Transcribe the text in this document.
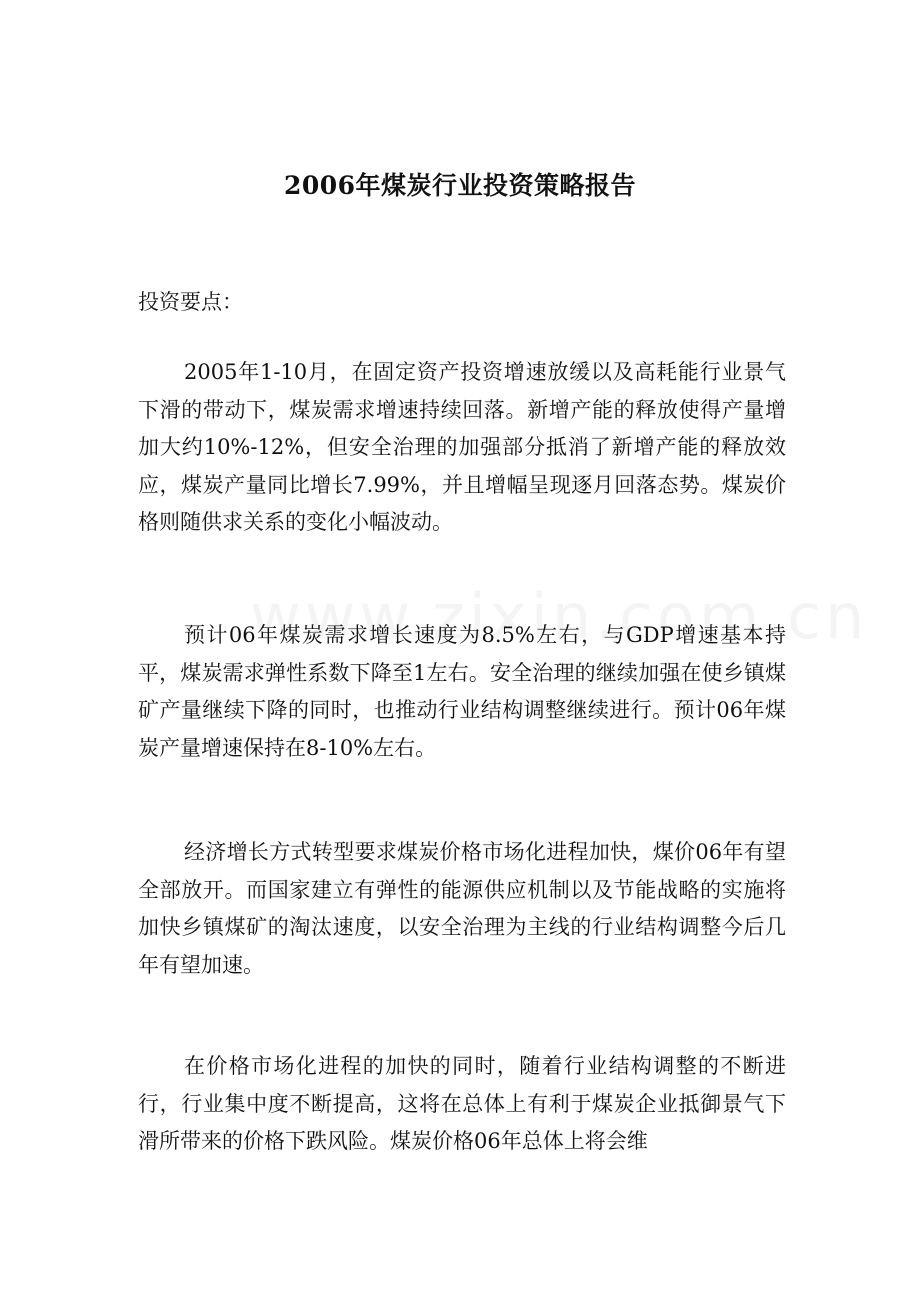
2006年煤炭行业投资策略报告

投资要点：

2005年1-10月，在固定资产投资增速放缓以及高耗能行业景气下滑的带动下，煤炭需求增速持续回落。新增产能的释放使得产量增加大约10%-12%，但安全治理的加强部分抵消了新增产能的释放效应，煤炭产量同比增长7.99%，并且增幅呈现逐月回落态势。煤炭价格则随供求关系的变化小幅波动。

预计06年煤炭需求增长速度为8.5%左右，与GDP增速基本持平，煤炭需求弹性系数下降至1左右。安全治理的继续加强在使乡镇煤矿产量继续下降的同时，也推动行业结构调整继续进行。预计06年煤炭产量增速保持在8-10%左右。

经济增长方式转型要求煤炭价格市场化进程加快，煤价06年有望全部放开。而国家建立有弹性的能源供应机制以及节能战略的实施将加快乡镇煤矿的淘汰速度，以安全治理为主线的行业结构调整今后几年有望加速。

在价格市场化进程的加快的同时，随着行业结构调整的不断进行，行业集中度不断提高，这将在总体上有利于煤炭企业抵御景气下滑所带来的价格下跌风险。煤炭价格06年总体上将会维
